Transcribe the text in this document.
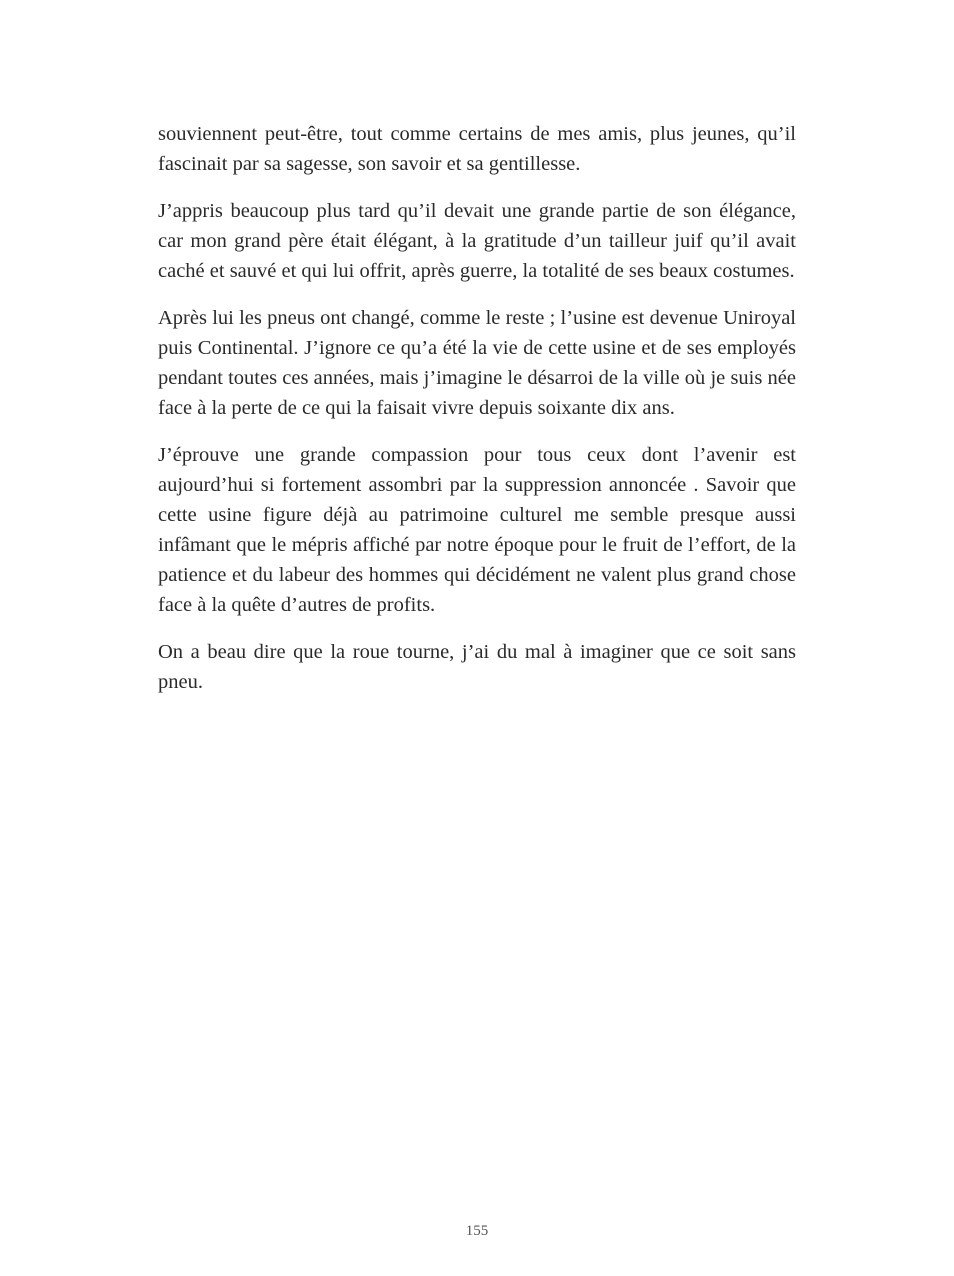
souviennent peut-être, tout comme certains de mes amis, plus jeunes, qu’il fascinait par sa sagesse, son savoir et sa gentillesse.

J’appris beaucoup plus tard qu’il devait une grande partie de son élégance, car mon grand père était élégant, à la gratitude d’un tailleur juif qu’il avait caché et sauvé et qui lui offrit, après guerre, la totalité de ses beaux costumes.

Après lui les pneus ont changé, comme le reste ; l’usine est devenue Uniroyal puis Continental. J’ignore ce qu’a été la vie de cette usine et de ses employés pendant toutes ces années, mais j’imagine le désarroi de la ville où je suis née face à la perte de ce qui la faisait vivre depuis soixante dix ans.

J’éprouve une grande compassion pour tous ceux dont l’avenir est aujourd’hui si fortement assombri par la suppression annoncée . Savoir que cette usine figure déjà au patrimoine culturel me semble presque aussi infâmant que le mépris affiché par notre époque pour le fruit de l’effort, de la patience et du labeur des hommes qui décidément ne valent plus grand chose face à la quête d’autres de profits.

On a beau dire que la roue tourne, j’ai du mal à imaginer que ce soit sans pneu.

155
